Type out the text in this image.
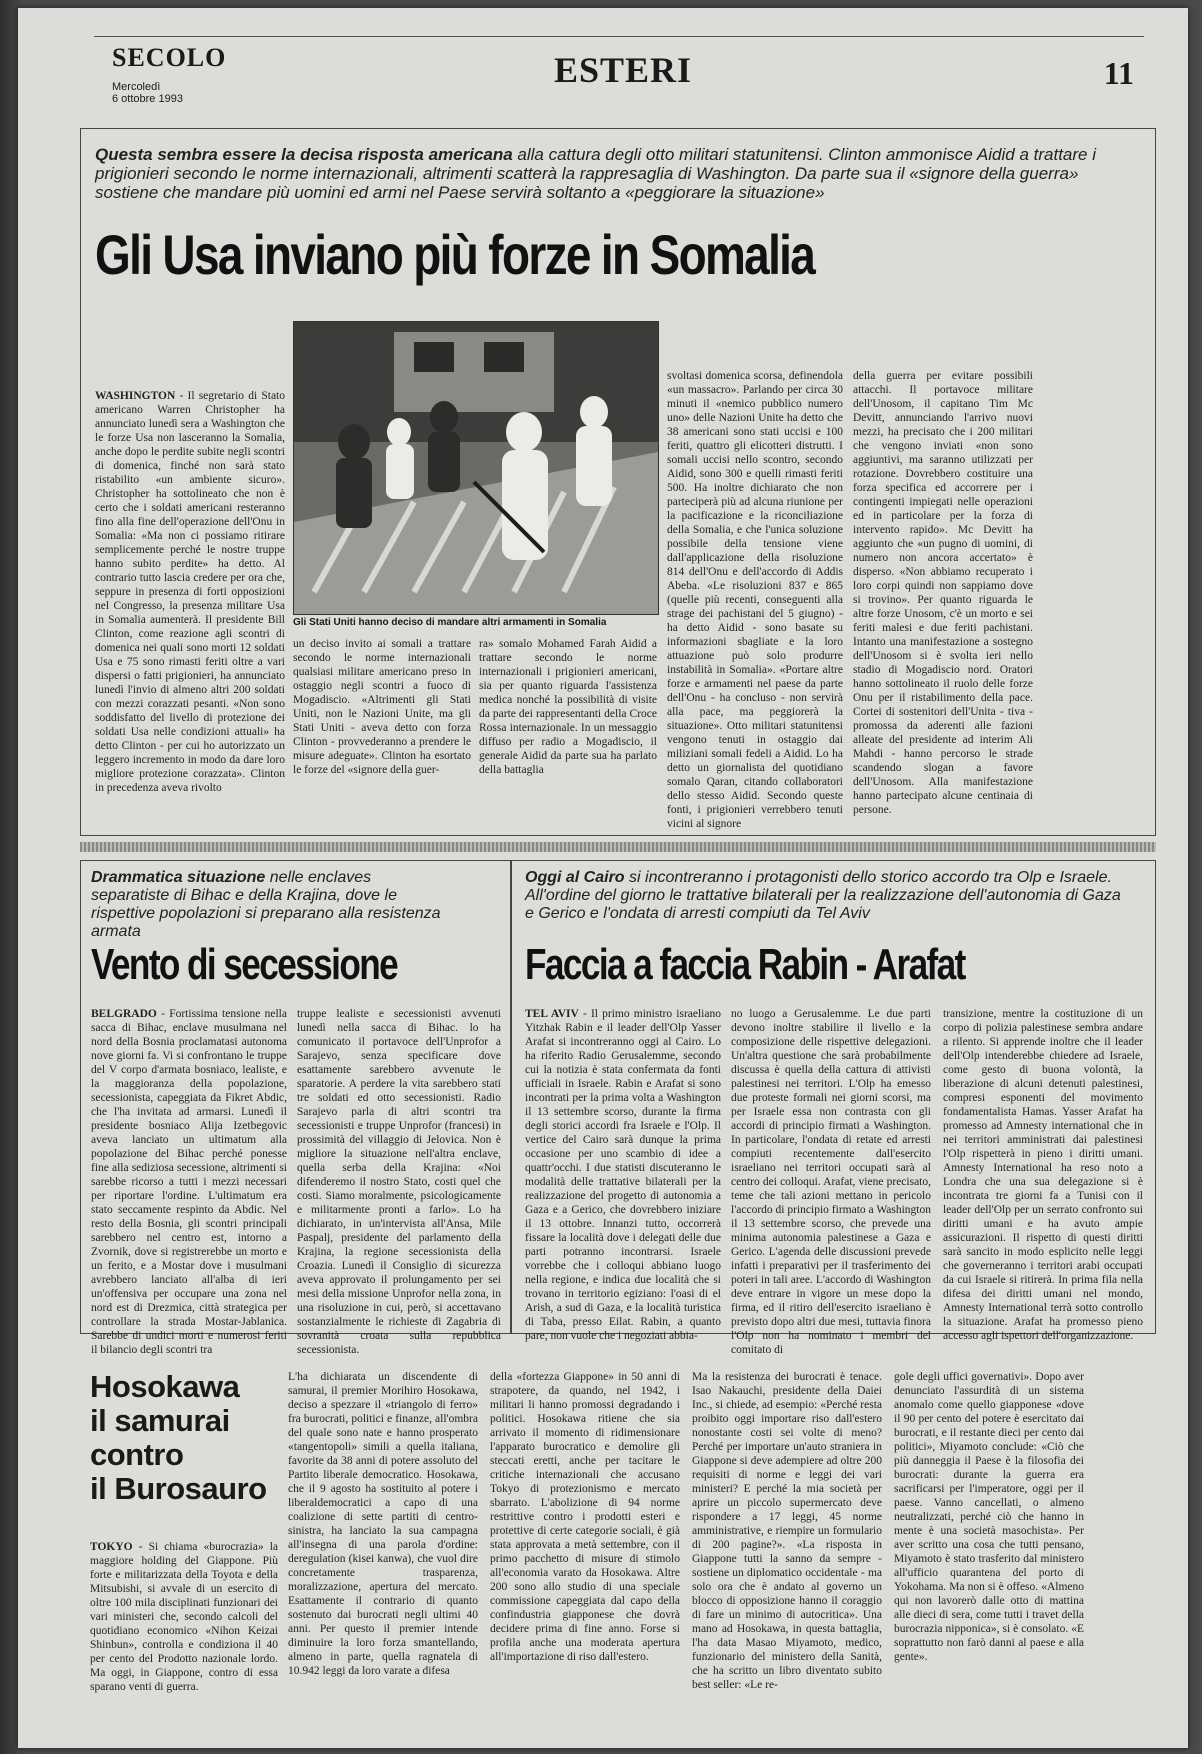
SECOLO
Mercoledì
6 ottobre 1993
ESTERI	11
Questa sembra essere la decisa risposta americana alla cattura degli otto militari statunitensi. Clinton ammonisce Aidid a trattare i prigionieri secondo le norme internazionali, altrimenti scatterà la rappresaglia di Washington. Da parte sua il «signore della guerra» sostiene che mandare più uomini ed armi nel Paese servirà soltanto a «peggiorare la situazione»
Gli Usa inviano più forze in Somalia
Gli Stati Uniti hanno deciso di mandare altri armamenti in Somalia
WASHINGTON - Il segretario di Stato americano Warren Christopher ha annunciato lunedì sera a Washington che le forze Usa non lasceranno la Somalia, anche dopo le perdite subite negli scontri di domenica, finché non sarà stato ristabilito «un ambiente sicuro». Christopher ha sottolineato che non è certo che i soldati americani resteranno fino alla fine dell'operazione dell'Onu in Somalia: «Ma non ci possiamo ritirare semplicemente perché le nostre truppe hanno subito perdite» ha detto. Al contrario tutto lascia credere per ora che, seppure in presenza di forti opposizioni nel Congresso, la presenza militare Usa in Somalia aumenterà. Il presidente Bill Clinton, come reazione agli scontri di domenica nei quali sono morti 12 soldati Usa e 75 sono rimasti feriti oltre a vari dispersi o fatti prigionieri, ha annunciato lunedì l'invio di almeno altri 200 soldati con mezzi corazzati pesanti. «Non sono soddisfatto del livello di protezione dei soldati Usa nelle condizioni attuali» ha detto Clinton - per cui ho autorizzato un leggero incremento in modo da dare loro migliore protezione corazzata». Clinton in precedenza aveva rivolto
un deciso invito ai somali a trattare secondo le norme internazionali qualsiasi militare americano preso in ostaggio negli scontri a fuoco di Mogadiscio. «Altrimenti gli Stati Uniti, non le Nazioni Unite, ma gli Stati Uniti - aveva detto con forza Clinton - provvederanno a prendere le misure adeguate». Clinton ha esortato le forze del «signore della guer-
ra» somalo Mohamed Farah Aidid a trattare secondo le norme internazionali i prigionieri americani, sia per quanto riguarda l'assistenza medica nonché la possibilità di visite da parte dei rappresentanti della Croce Rossa internazionale. In un messaggio diffuso per radio a Mogadiscio, il generale Aidid da parte sua ha parlato della battaglia
svoltasi domenica scorsa, definendola «un massacro». Parlando per circa 30 minuti il «nemico pubblico numero uno» delle Nazioni Unite ha detto che 38 americani sono stati uccisi e 100 feriti, quattro gli elicotteri distrutti. I somali uccisi nello scontro, secondo Aidid, sono 300 e quelli rimasti feriti 500. Ha inoltre dichiarato che non parteciperà più ad alcuna riunione per la pacificazione e la riconciliazione della Somalia, e che l'unica soluzione possibile della tensione viene dall'applicazione della risoluzione 814 dell'Onu e dell'accordo di Addis Abeba. «Le risoluzioni 837 e 865 (quelle più recenti, conseguenti alla strage dei pachistani del 5 giugno) - ha detto Aidid - sono basate su informazioni sbagliate e la loro attuazione può solo produrre instabilità in Somalia». «Portare altre forze e armamenti nel paese da parte dell'Onu - ha concluso - non servirà alla pace, ma peggiorerà la situazione». Otto militari statunitensi vengono tenuti in ostaggio dai miliziani somali fedeli a Aidid. Lo ha detto un giornalista del quotidiano somalo Qaran, citando collaboratori dello stesso Aidid. Secondo queste fonti, i prigionieri verrebbero tenuti vicini al signore
della guerra per evitare possibili attacchi. Il portavoce militare dell'Unosom, il capitano Tim Mc Devitt, annunciando l'arrivo nuovi mezzi, ha precisato che i 200 militari che vengono inviati «non sono aggiuntivi, ma saranno utilizzati per rotazione. Dovrebbero costituire una forza specifica ed accorrere per i contingenti impiegati nelle operazioni ed in particolare per la forza di intervento rapido». Mc Devitt ha aggiunto che «un pugno di uomini, di numero non ancora accertato» è disperso. «Non abbiamo recuperato i loro corpi quindi non sappiamo dove si trovino». Per quanto riguarda le altre forze Unosom, c'è un morto e sei feriti malesi e due feriti pachistani. Intanto una manifestazione a sostegno dell'Unosom si è svolta ieri nello stadio di Mogadiscio nord. Oratori hanno sottolineato il ruolo delle forze Onu per il ristabilimento della pace. Cortei di sostenitori dell'Unita - tiva - promossa da aderenti alle fazioni alleate del presidente ad interim Ali Mahdi - hanno percorso le strade scandendo slogan a favore dell'Unosom. Alla manifestazione hanno partecipato alcune centinaia di persone.
Drammatica situazione nelle enclaves separatiste di Bihac e della Krajina, dove le rispettive popolazioni si preparano alla resistenza armata
Vento di secessione
BELGRADO - Fortissima tensione nella sacca di Bihac, enclave musulmana nel nord della Bosnia proclamatasi autonoma nove giorni fa. Vi si confrontano le truppe del V corpo d'armata bosniaco, lealiste, e la maggioranza della popolazione, secessionista, capeggiata da Fikret Abdic, che l'ha invitata ad armarsi. Lunedì il presidente bosniaco Alija Izetbegovic aveva lanciato un ultimatum alla popolazione del Bihac perché ponesse fine alla sediziosa secessione, altrimenti si sarebbe ricorso a tutti i mezzi necessari per riportare l'ordine. L'ultimatum era stato seccamente respinto da Abdic. Nel resto della Bosnia, gli scontri principali sarebbero nel centro est, intorno a Zvornik, dove si registrerebbe un morto e un ferito, e a Mostar dove i musulmani avrebbero lanciato all'alba di ieri un'offensiva per occupare una zona nel nord est di Drezmica, città strategica per controllare la strada Mostar-Jablanica. Sarebbe di undici morti e numerosi feriti il bilancio degli scontri tra
truppe lealiste e secessionisti avvenuti lunedì nella sacca di Bihac. lo ha comunicato il portavoce dell'Unprofor a Sarajevo, senza specificare dove esattamente sarebbero avvenute le sparatorie. A perdere la vita sarebbero stati tre soldati ed otto secessionisti. Radio Sarajevo parla di altri scontri tra secessionisti e truppe Unprofor (francesi) in prossimità del villaggio di Jelovica. Non è migliore la situazione nell'altra enclave, quella serba della Krajina: «Noi difenderemo il nostro Stato, costi quel che costi. Siamo moralmente, psicologicamente e militarmente pronti a farlo». Lo ha dichiarato, in un'intervista all'Ansa, Mile Paspalj, presidente del parlamento della Krajina, la regione secessionista della Croazia. Lunedì il Consiglio di sicurezza aveva approvato il prolungamento per sei mesi della missione Unprofor nella zona, in una risoluzione in cui, però, si accettavano sostanzialmente le richieste di Zagabria di sovranità croata sulla repubblica secessionista.
Oggi al Cairo si incontreranno i protagonisti dello storico accordo tra Olp e Israele. All'ordine del giorno le trattative bilaterali per la realizzazione dell'autonomia di Gaza e Gerico e l'ondata di arresti compiuti da Tel Aviv
Faccia a faccia Rabin - Arafat
TEL AVIV - Il primo ministro israeliano Yitzhak Rabin e il leader dell'Olp Yasser Arafat si incontreranno oggi al Cairo. Lo ha riferito Radio Gerusalemme, secondo cui la notizia è stata confermata da fonti ufficiali in Israele. Rabin e Arafat si sono incontrati per la prima volta a Washington il 13 settembre scorso, durante la firma degli storici accordi fra Israele e l'Olp. Il vertice del Cairo sarà dunque la prima occasione per uno scambio di idee a quattr'occhi. I due statisti discuteranno le modalità delle trattative bilaterali per la realizzazione del progetto di autonomia a Gaza e a Gerico, che dovrebbero iniziare il 13 ottobre. Innanzi tutto, occorrerà fissare la località dove i delegati delle due parti potranno incontrarsi. Israele vorrebbe che i colloqui abbiano luogo nella regione, e indica due località che si trovano in territorio egiziano: l'oasi di el Arish, a sud di Gaza, e la località turistica di Taba, presso Eilat. Rabin, a quanto pare, non vuole che i negoziati abbia-
no luogo a Gerusalemme. Le due parti devono inoltre stabilire il livello e la composizione delle rispettive delegazioni. Un'altra questione che sarà probabilmente discussa è quella della cattura di attivisti palestinesi nei territori. L'Olp ha emesso due proteste formali nei giorni scorsi, ma per Israele essa non contrasta con gli accordi di principio firmati a Washington. In particolare, l'ondata di retate ed arresti compiuti recentemente dall'esercito israeliano nei territori occupati sarà al centro dei colloqui. Arafat, viene precisato, teme che tali azioni mettano in pericolo l'accordo di principio firmato a Washington il 13 settembre scorso, che prevede una minima autonomia palestinese a Gaza e Gerico. L'agenda delle discussioni prevede infatti i preparativi per il trasferimento dei poteri in tali aree. L'accordo di Washington deve entrare in vigore un mese dopo la firma, ed il ritiro dell'esercito israeliano è previsto dopo altri due mesi, tuttavia finora l'Olp non ha nominato i membri del comitato di
transizione, mentre la costituzione di un corpo di polizia palestinese sembra andare a rilento. Si apprende inoltre che il leader dell'Olp intenderebbe chiedere ad Israele, come gesto di buona volontà, la liberazione di alcuni detenuti palestinesi, compresi esponenti del movimento fondamentalista Hamas. Yasser Arafat ha promesso ad Amnesty international che in nei territori amministrati dai palestinesi l'Olp rispetterà in pieno i diritti umani. Amnesty International ha reso noto a Londra che una sua delegazione si è incontrata tre giorni fa a Tunisi con il leader dell'Olp per un serrato confronto sui diritti umani e ha avuto ampie assicurazioni. Il rispetto di questi diritti sarà sancito in modo esplicito nelle leggi che governeranno i territori arabi occupati da cui Israele si ritirerà. In prima fila nella difesa dei diritti umani nel mondo, Amnesty International terrà sotto controllo la situazione. Arafat ha promesso pieno accesso agli ispettori dell'organizzazione.
Hosokawa
il samurai
contro
il Burosauro
TOKYO - Si chiama «burocrazia» la maggiore holding del Giappone. Più forte e militarizzata della Toyota e della Mitsubishi, si avvale di un esercito di oltre 100 mila disciplinati funzionari dei vari ministeri che, secondo calcoli del quotidiano economico «Nihon Keizai Shinbun», controlla e condiziona il 40 per cento del Prodotto nazionale lordo. Ma oggi, in Giappone, contro di essa sparano venti di guerra.
L'ha dichiarata un discendente di samurai, il premier Morihiro Hosokawa, deciso a spezzare il «triangolo di ferro» fra burocrati, politici e finanze, all'ombra del quale sono nate e hanno prosperato «tangentopoli» simili a quella italiana, favorite da 38 anni di potere assoluto del Partito liberale democratico. Hosokawa, che il 9 agosto ha sostituito al potere i liberaldemocratici a capo di una coalizione di sette partiti di centro-sinistra, ha lanciato la sua campagna all'insegna di una parola d'ordine: deregulation (kisei kanwa), che vuol dire concretamente trasparenza, moralizzazione, apertura del mercato. Esattamente il contrario di quanto sostenuto dai burocrati negli ultimi 40 anni. Per questo il premier intende diminuire la loro forza smantellando, almeno in parte, quella ragnatela di 10.942 leggi da loro varate a difesa
della «fortezza Giappone» in 50 anni di strapotere, da quando, nel 1942, i militari li hanno promossi degradando i politici. Hosokawa ritiene che sia arrivato il momento di ridimensionare l'apparato burocratico e demolire gli steccati eretti, anche per tacitare le critiche internazionali che accusano Tokyo di protezionismo e mercato sbarrato. L'abolizione di 94 norme restrittive contro i prodotti esteri e protettive di certe categorie sociali, è già stata approvata a metà settembre, con il primo pacchetto di misure di stimolo all'economia varato da Hosokawa. Altre 200 sono allo studio di una speciale commissione capeggiata dal capo della confindustria giapponese che dovrà decidere prima di fine anno. Forse si profila anche una moderata apertura all'importazione di riso dall'estero.
Ma la resistenza dei burocrati è tenace. Isao Nakauchi, presidente della Daiei Inc., si chiede, ad esempio: «Perché resta proibito oggi importare riso dall'estero nonostante costi sei volte di meno? Perché per importare un'auto straniera in Giappone si deve adempiere ad oltre 200 requisiti di norme e leggi dei vari ministeri? E perché la mia società per aprire un piccolo supermercato deve rispondere a 17 leggi, 45 norme amministrative, e riempire un formulario di 200 pagine?». «La risposta in Giappone tutti la sanno da sempre - sostiene un diplomatico occidentale - ma solo ora che è andato al governo un blocco di opposizione hanno il coraggio di fare un minimo di autocritica». Una mano ad Hosokawa, in questa battaglia, l'ha data Masao Miyamoto, medico, funzionario del ministero della Sanità, che ha scritto un libro diventato subito best seller: «Le re-
gole degli uffici governativi». Dopo aver denunciato l'assurdità di un sistema anomalo come quello giapponese «dove il 90 per cento del potere è esercitato dai burocrati, e il restante dieci per cento dai politici», Miyamoto conclude: «Ciò che più danneggia il Paese è la filosofia dei burocrati: durante la guerra era sacrificarsi per l'imperatore, oggi per il paese. Vanno cancellati, o almeno neutralizzati, perché ciò che hanno in mente è una società masochista». Per aver scritto una cosa che tutti pensano, Miyamoto è stato trasferito dal ministero all'ufficio quarantena del porto di Yokohama. Ma non si è offeso. «Almeno qui non lavorerò dalle otto di mattina alle dieci di sera, come tutti i travet della burocrazia nipponica», si è consolato. «E soprattutto non farò danni al paese e alla gente».
